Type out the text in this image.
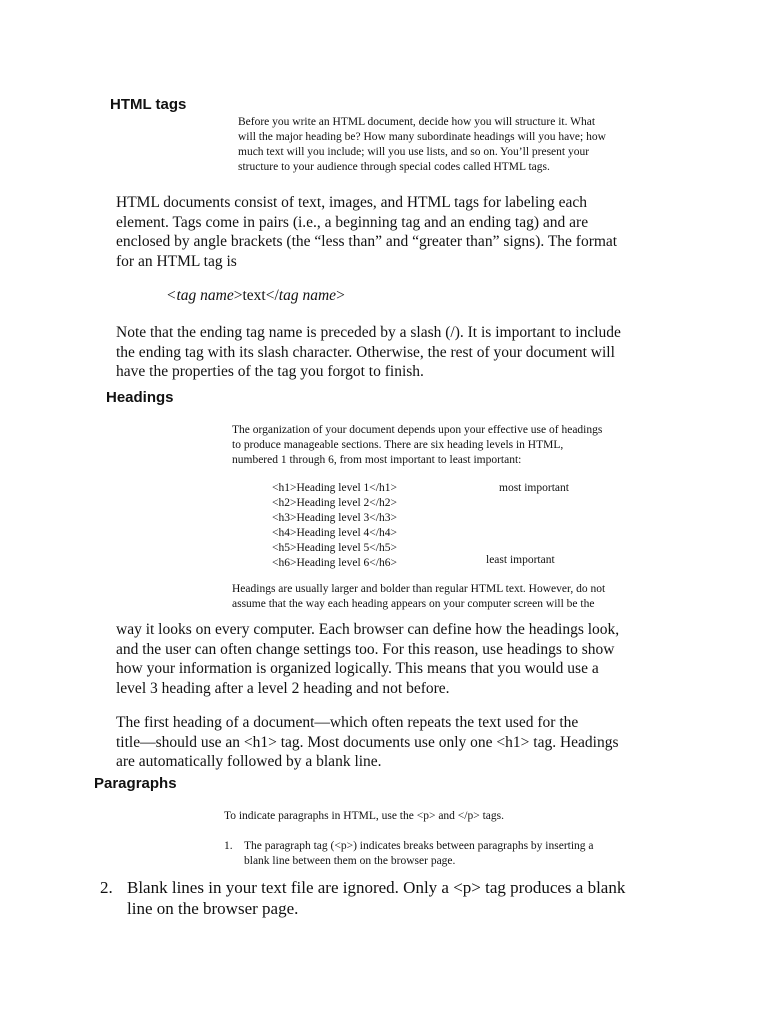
HTML tags
Before you write an HTML document, decide how you will structure it. What
will the major heading be? How many subordinate headings will you have; how
much text will you include; will you use lists, and so on. You’ll present your
structure to your audience through special codes called HTML tags.
HTML documents consist of text, images, and HTML tags for labeling each
element. Tags come in pairs (i.e., a beginning tag and an ending tag) and are
enclosed by angle brackets (the “less than” and “greater than” signs). The format
for an HTML tag is
<tag name>text</tag name>
Note that the ending tag name is preceded by a slash (/). It is important to include
the ending tag with its slash character. Otherwise, the rest of your document will
have the properties of the tag you forgot to finish.
Headings
The organization of your document depends upon your effective use of headings
to produce manageable sections. There are six heading levels in HTML,
numbered 1 through 6, from most important to least important:
<h1>Heading level 1</h1>
<h2>Heading level 2</h2>
<h3>Heading level 3</h3>
<h4>Heading level 4</h4>
<h5>Heading level 5</h5>
<h6>Heading level 6</h6>
most important
least important
Headings are usually larger and bolder than regular HTML text. However, do not
assume that the way each heading appears on your computer screen will be the
way it looks on every computer. Each browser can define how the headings look,
and the user can often change settings too. For this reason, use headings to show
how your information is organized logically. This means that you would use a
level 3 heading after a level 2 heading and not before.
The first heading of a document—which often repeats the text used for the
title—should use an <h1> tag. Most documents use only one <h1> tag. Headings
are automatically followed by a blank line.
Paragraphs
To indicate paragraphs in HTML, use the <p> and </p> tags.
1. The paragraph tag (<p>) indicates breaks between paragraphs by inserting a
blank line between them on the browser page.
2. Blank lines in your text file are ignored. Only a <p> tag produces a blank
line on the browser page.
